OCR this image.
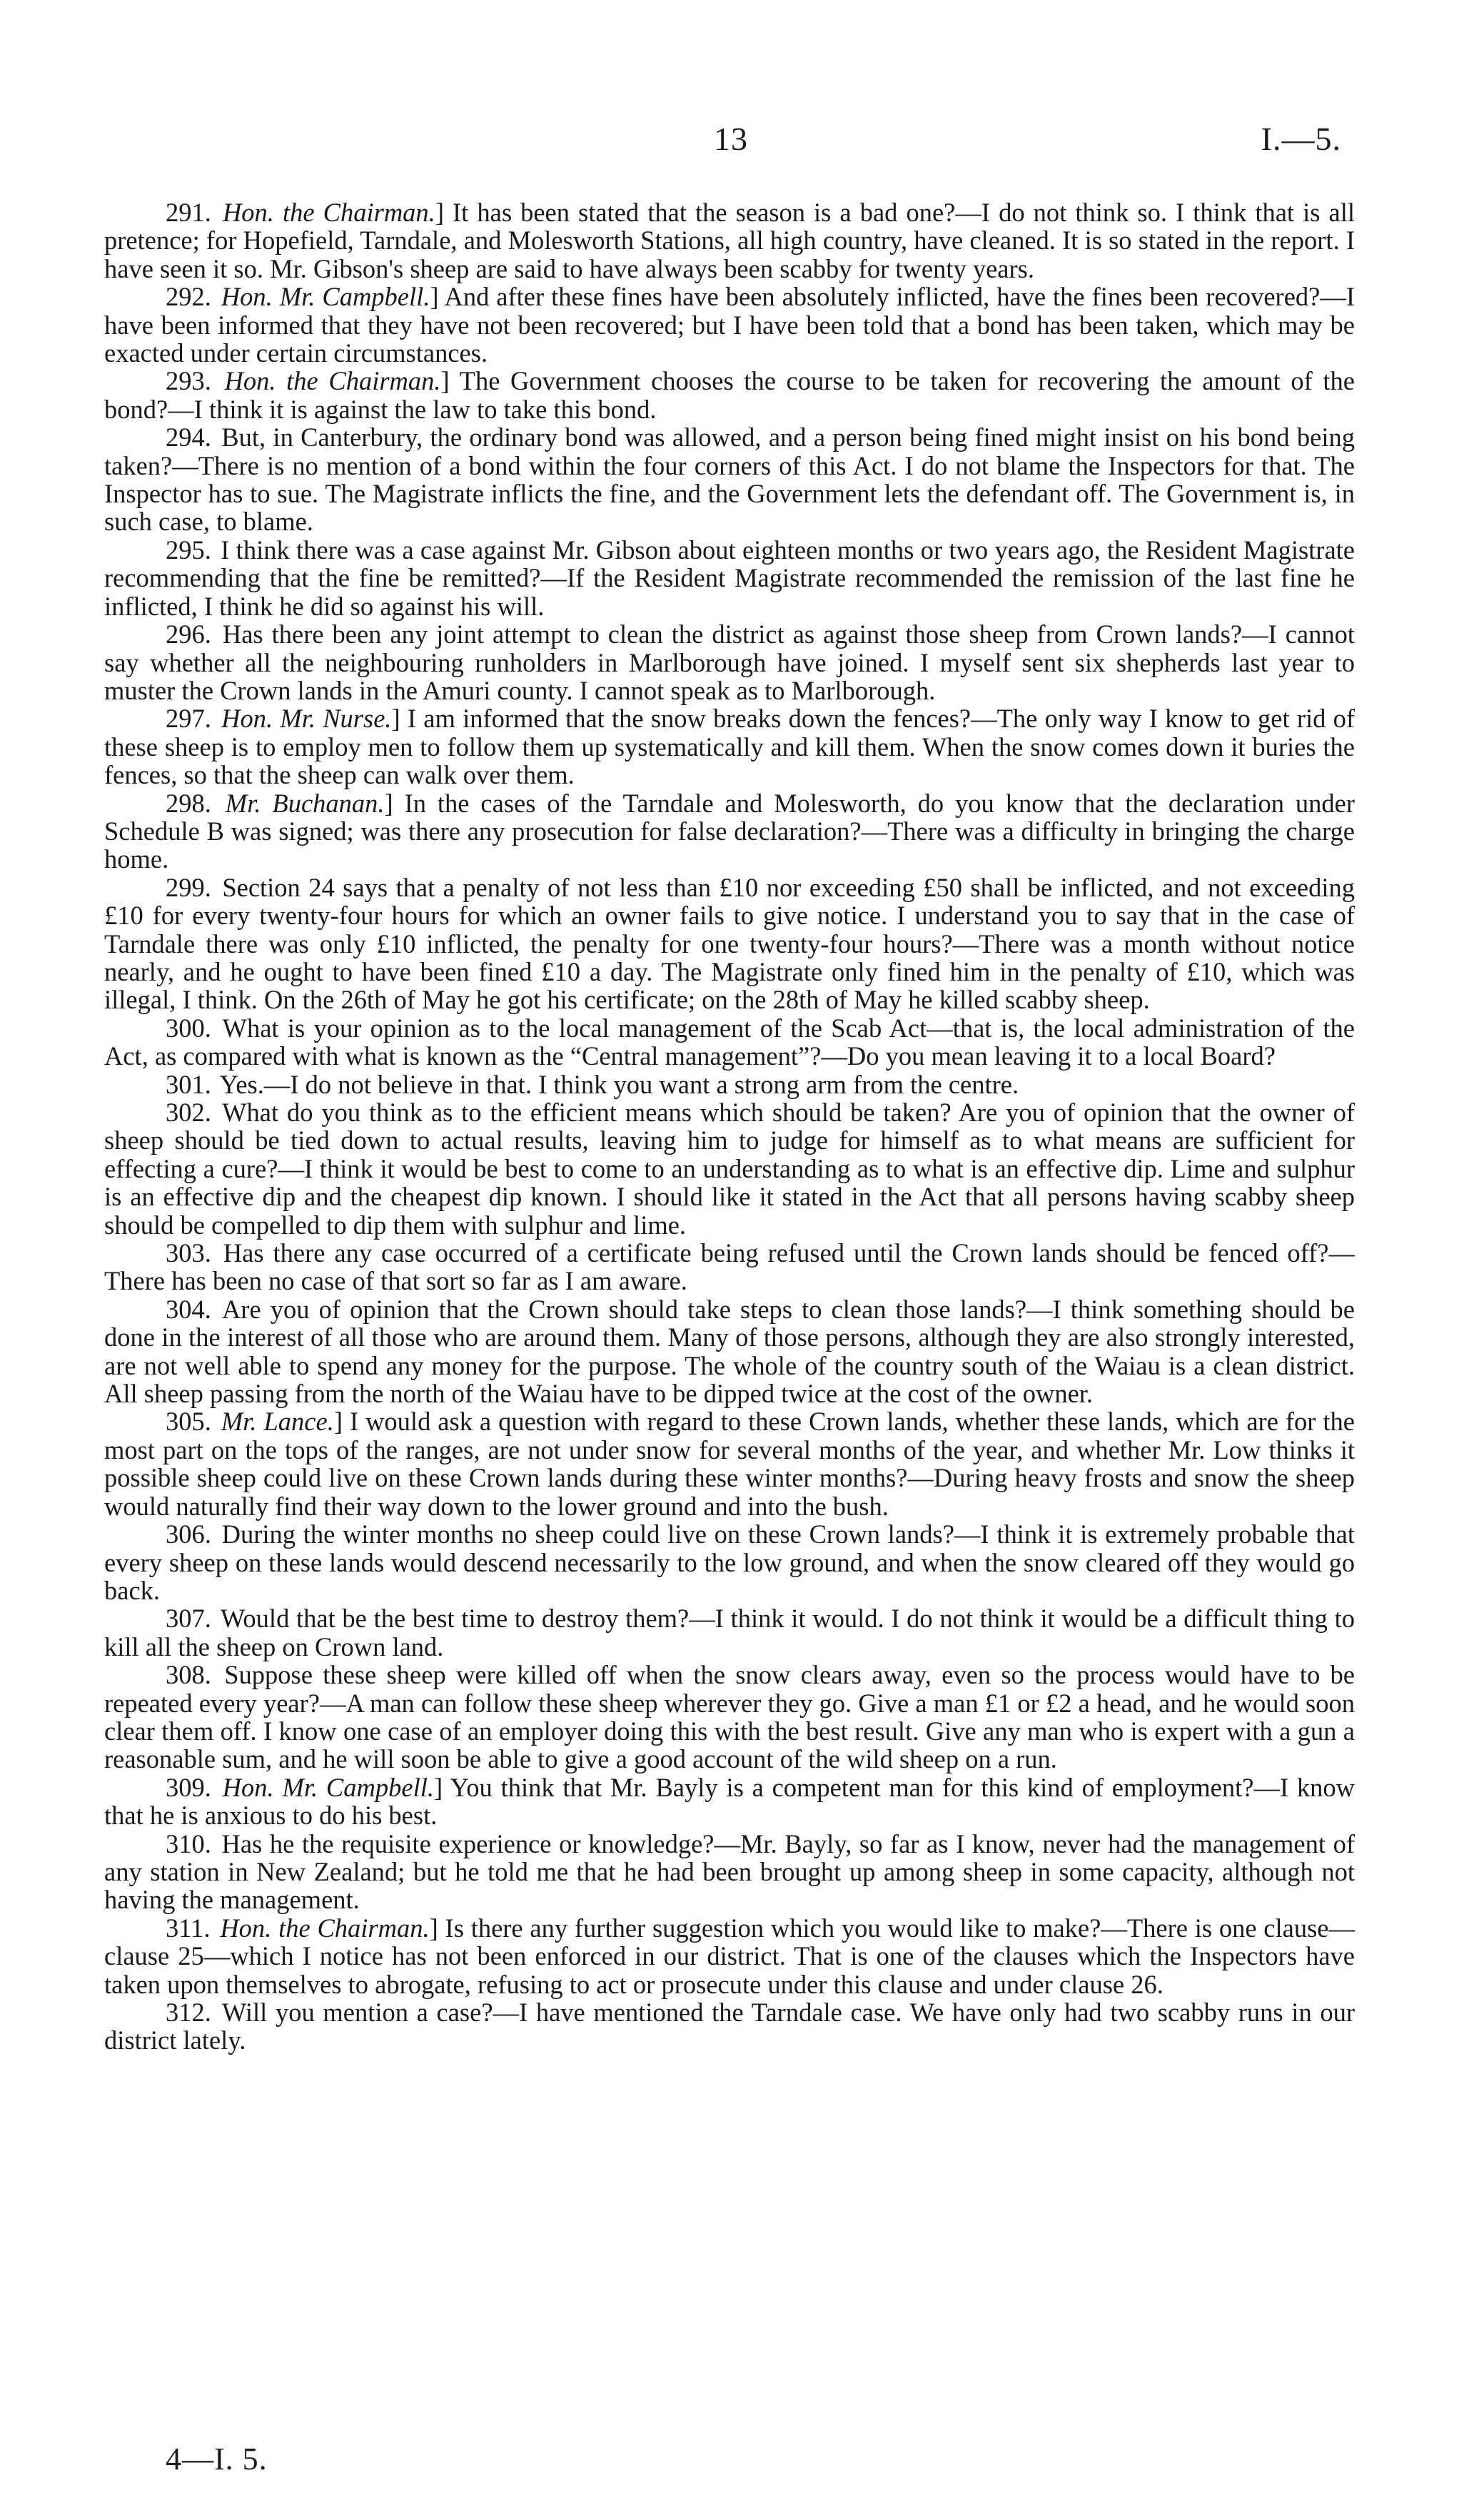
13	I.—5.

291. Hon. the Chairman.] It has been stated that the season is a bad one?—I do not think so. I think that is all pretence; for Hopefield, Tarndale, and Molesworth Stations, all high country, have cleaned. It is so stated in the report. I have seen it so. Mr. Gibson's sheep are said to have always been scabby for twenty years.

292. Hon. Mr. Campbell.] And after these fines have been absolutely inflicted, have the fines been recovered?—I have been informed that they have not been recovered; but I have been told that a bond has been taken, which may be exacted under certain circumstances.

293. Hon. the Chairman.] The Government chooses the course to be taken for recovering the amount of the bond?—I think it is against the law to take this bond.

294. But, in Canterbury, the ordinary bond was allowed, and a person being fined might insist on his bond being taken?—There is no mention of a bond within the four corners of this Act. I do not blame the Inspectors for that. The Inspector has to sue. The Magistrate inflicts the fine, and the Government lets the defendant off. The Government is, in such case, to blame.

295. I think there was a case against Mr. Gibson about eighteen months or two years ago, the Resident Magistrate recommending that the fine be remitted?—If the Resident Magistrate recommended the remission of the last fine he inflicted, I think he did so against his will.

296. Has there been any joint attempt to clean the district as against those sheep from Crown lands?—I cannot say whether all the neighbouring runholders in Marlborough have joined. I myself sent six shepherds last year to muster the Crown lands in the Amuri county. I cannot speak as to Marlborough.

297. Hon. Mr. Nurse.] I am informed that the snow breaks down the fences?—The only way I know to get rid of these sheep is to employ men to follow them up systematically and kill them. When the snow comes down it buries the fences, so that the sheep can walk over them.

298. Mr. Buchanan.] In the cases of the Tarndale and Molesworth, do you know that the declaration under Schedule B was signed; was there any prosecution for false declaration?—There was a difficulty in bringing the charge home.

299. Section 24 says that a penalty of not less than £10 nor exceeding £50 shall be inflicted, and not exceeding £10 for every twenty-four hours for which an owner fails to give notice. I understand you to say that in the case of Tarndale there was only £10 inflicted, the penalty for one twenty-four hours?—There was a month without notice nearly, and he ought to have been fined £10 a day. The Magistrate only fined him in the penalty of £10, which was illegal, I think. On the 26th of May he got his certificate; on the 28th of May he killed scabby sheep.

300. What is your opinion as to the local management of the Scab Act—that is, the local administration of the Act, as compared with what is known as the “Central management”?—Do you mean leaving it to a local Board?

301. Yes.—I do not believe in that. I think you want a strong arm from the centre.

302. What do you think as to the efficient means which should be taken? Are you of opinion that the owner of sheep should be tied down to actual results, leaving him to judge for himself as to what means are sufficient for effecting a cure?—I think it would be best to come to an understanding as to what is an effective dip. Lime and sulphur is an effective dip and the cheapest dip known. I should like it stated in the Act that all persons having scabby sheep should be compelled to dip them with sulphur and lime.

303. Has there any case occurred of a certificate being refused until the Crown lands should be fenced off?—There has been no case of that sort so far as I am aware.

304. Are you of opinion that the Crown should take steps to clean those lands?—I think something should be done in the interest of all those who are around them. Many of those persons, although they are also strongly interested, are not well able to spend any money for the purpose. The whole of the country south of the Waiau is a clean district. All sheep passing from the north of the Waiau have to be dipped twice at the cost of the owner.

305. Mr. Lance.] I would ask a question with regard to these Crown lands, whether these lands, which are for the most part on the tops of the ranges, are not under snow for several months of the year, and whether Mr. Low thinks it possible sheep could live on these Crown lands during these winter months?—During heavy frosts and snow the sheep would naturally find their way down to the lower ground and into the bush.

306. During the winter months no sheep could live on these Crown lands?—I think it is extremely probable that every sheep on these lands would descend necessarily to the low ground, and when the snow cleared off they would go back.

307. Would that be the best time to destroy them?—I think it would. I do not think it would be a difficult thing to kill all the sheep on Crown land.

308. Suppose these sheep were killed off when the snow clears away, even so the process would have to be repeated every year?—A man can follow these sheep wherever they go. Give a man £1 or £2 a head, and he would soon clear them off. I know one case of an employer doing this with the best result. Give any man who is expert with a gun a reasonable sum, and he will soon be able to give a good account of the wild sheep on a run.

309. Hon. Mr. Campbell.] You think that Mr. Bayly is a competent man for this kind of employment?—I know that he is anxious to do his best.

310. Has he the requisite experience or knowledge?—Mr. Bayly, so far as I know, never had the management of any station in New Zealand; but he told me that he had been brought up among sheep in some capacity, although not having the management.

311. Hon. the Chairman.] Is there any further suggestion which you would like to make?—There is one clause—clause 25—which I notice has not been enforced in our district. That is one of the clauses which the Inspectors have taken upon themselves to abrogate, refusing to act or prosecute under this clause and under clause 26.

312. Will you mention a case?—I have mentioned the Tarndale case. We have only had two scabby runs in our district lately.

4—I. 5.
